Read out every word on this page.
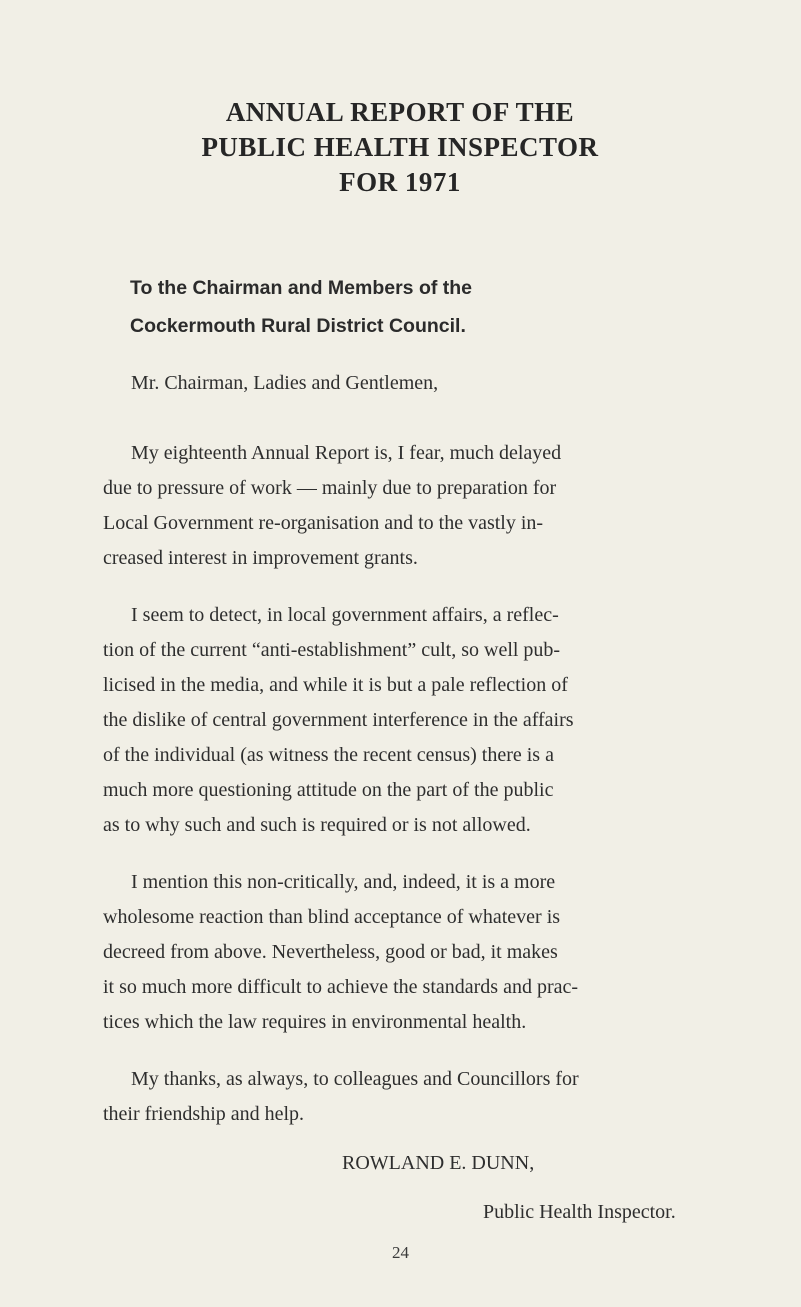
ANNUAL REPORT OF THE
PUBLIC HEALTH INSPECTOR
FOR 1971
To the Chairman and Members of the
Cockermouth Rural District Council.
Mr. Chairman, Ladies and Gentlemen,
My eighteenth Annual Report is, I fear, much delayed
due to pressure of work — mainly due to preparation for
Local Government re-organisation and to the vastly in-
creased interest in improvement grants.
I seem to detect, in local government affairs, a reflec-
tion of the current “anti-establishment” cult, so well pub-
licised in the media, and while it is but a pale reflection of
the dislike of central government interference in the affairs
of the individual (as witness the recent census) there is a
much more questioning attitude on the part of the public
as to why such and such is required or is not allowed.
I mention this non-critically, and, indeed, it is a more
wholesome reaction than blind acceptance of whatever is
decreed from above. Nevertheless, good or bad, it makes
it so much more difficult to achieve the standards and prac-
tices which the law requires in environmental health.
My thanks, as always, to colleagues and Councillors for
their friendship and help.
ROWLAND E. DUNN,
Public Health Inspector.
24
